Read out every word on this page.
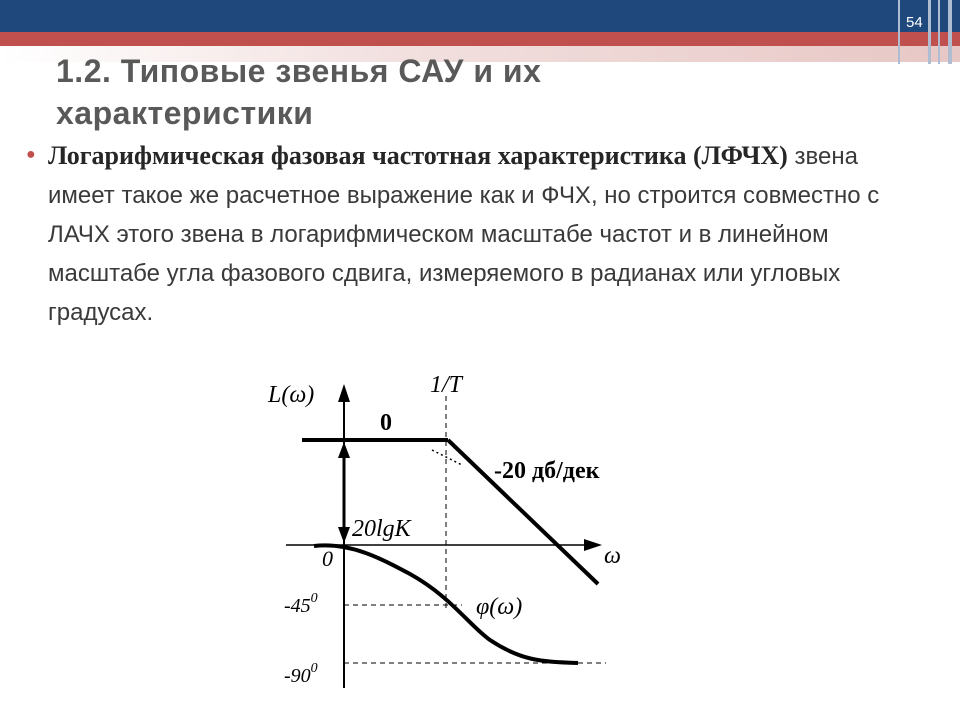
54
1.2. Типовые звенья САУ и их характеристики
● Логарифмическая фазовая частотная характеристика (ЛФЧХ) звена имеет такое же расчетное выражение как и ФЧХ, но строится совместно с ЛАЧХ этого звена в логарифмическом масштабе частот и в линейном масштабе угла фазового сдвига, измеряемого в радианах или угловых градусах.
L(ω)	1/T
0
-20 дб/дек
20lgK
0	ω
φ(ω)
$-45^0$
$-90^0$
